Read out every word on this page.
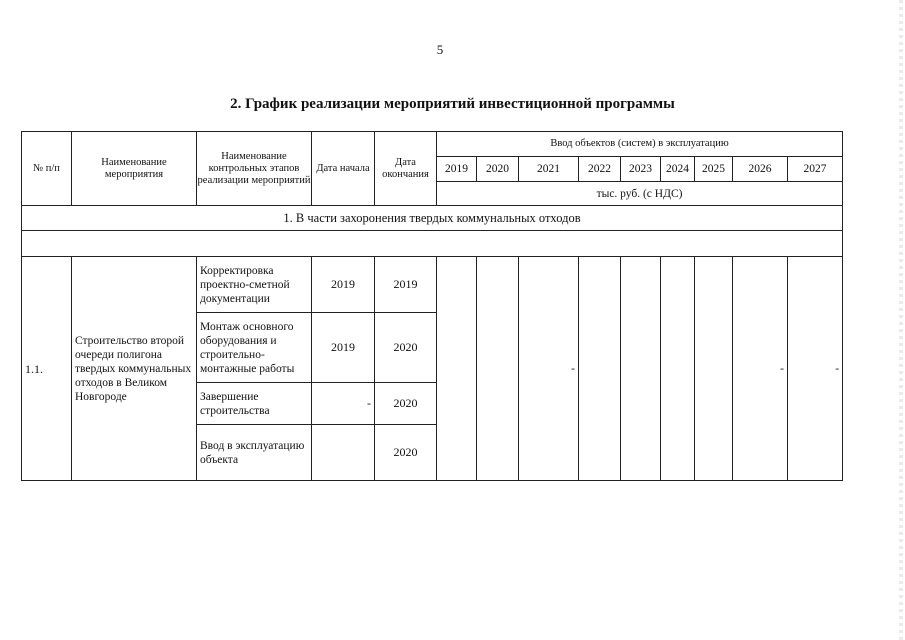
5
2. График реализации мероприятий инвестиционной программы
№ п/п	Наименование мероприятия	Наименование контрольных этапов реализации мероприятий	Дата начала	Дата окончания	Ввод объектов (систем) в эксплуатацию								
					2019	2020	2021	2022	2023	2024	2025	2026	2027
					тыс. руб. (с НДС)								
1. В части захоронения твердых коммунальных отходов													

1.1.	Строительство второй очереди полигона твердых коммунальных отходов в Великом Новгороде	Корректировка проектно-сметной документации	2019	2019			-					-	-
		Монтаж основного оборудования и строительно-монтажные работы	2019	2020									
		Завершение строительства	-	2020									
		Ввод в эксплуатацию объекта		2020									
